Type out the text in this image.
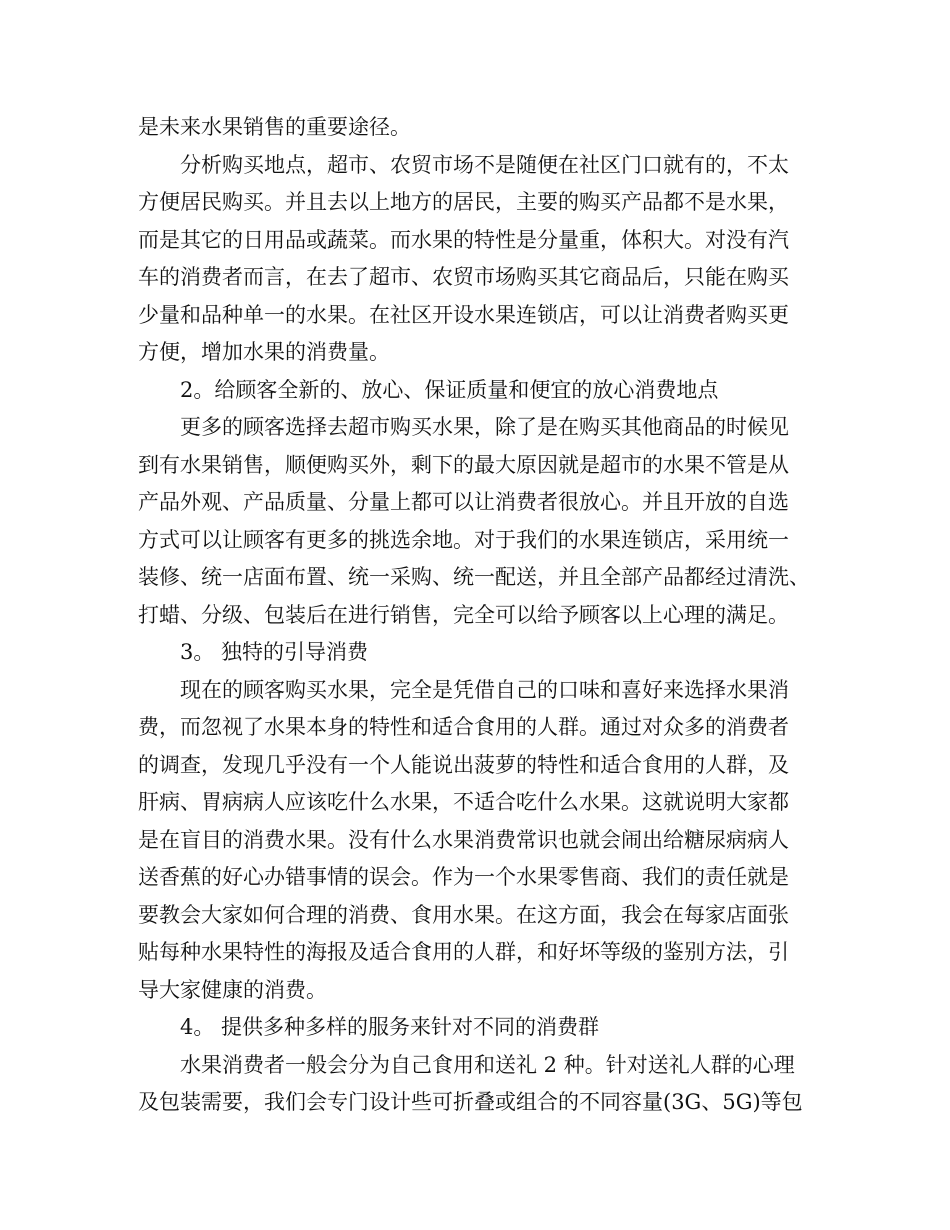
是未来水果销售的重要途径。
分析购买地点，超市、农贸市场不是随便在社区门口就有的，不太
方便居民购买。并且去以上地方的居民，主要的购买产品都不是水果，
而是其它的日用品或蔬菜。而水果的特性是分量重，体积大。对没有汽
车的消费者而言，在去了超市、农贸市场购买其它商品后，只能在购买
少量和品种单一的水果。在社区开设水果连锁店，可以让消费者购买更
方便，增加水果的消费量。
2。给顾客全新的、放心、保证质量和便宜的放心消费地点
更多的顾客选择去超市购买水果，除了是在购买其他商品的时候见
到有水果销售，顺便购买外，剩下的最大原因就是超市的水果不管是从
产品外观、产品质量、分量上都可以让消费者很放心。并且开放的自选
方式可以让顾客有更多的挑选余地。对于我们的水果连锁店，采用统一
装修、统一店面布置、统一采购、统一配送，并且全部产品都经过清洗、
打蜡、分级、包装后在进行销售，完全可以给予顾客以上心理的满足。
3。 独特的引导消费
现在的顾客购买水果，完全是凭借自己的口味和喜好来选择水果消
费，而忽视了水果本身的特性和适合食用的人群。通过对众多的消费者
的调查，发现几乎没有一个人能说出菠萝的特性和适合食用的人群，及
肝病、胃病病人应该吃什么水果，不适合吃什么水果。这就说明大家都
是在盲目的消费水果。没有什么水果消费常识也就会闹出给糖尿病病人
送香蕉的好心办错事情的误会。作为一个水果零售商、我们的责任就是
要教会大家如何合理的消费、食用水果。在这方面，我会在每家店面张
贴每种水果特性的海报及适合食用的人群，和好坏等级的鉴别方法，引
导大家健康的消费。
4。 提供多种多样的服务来针对不同的消费群
水果消费者一般会分为自己食用和送礼 2 种。针对送礼人群的心理
及包装需要，我们会专门设计些可折叠或组合的不同容量(3G、5G)等包
